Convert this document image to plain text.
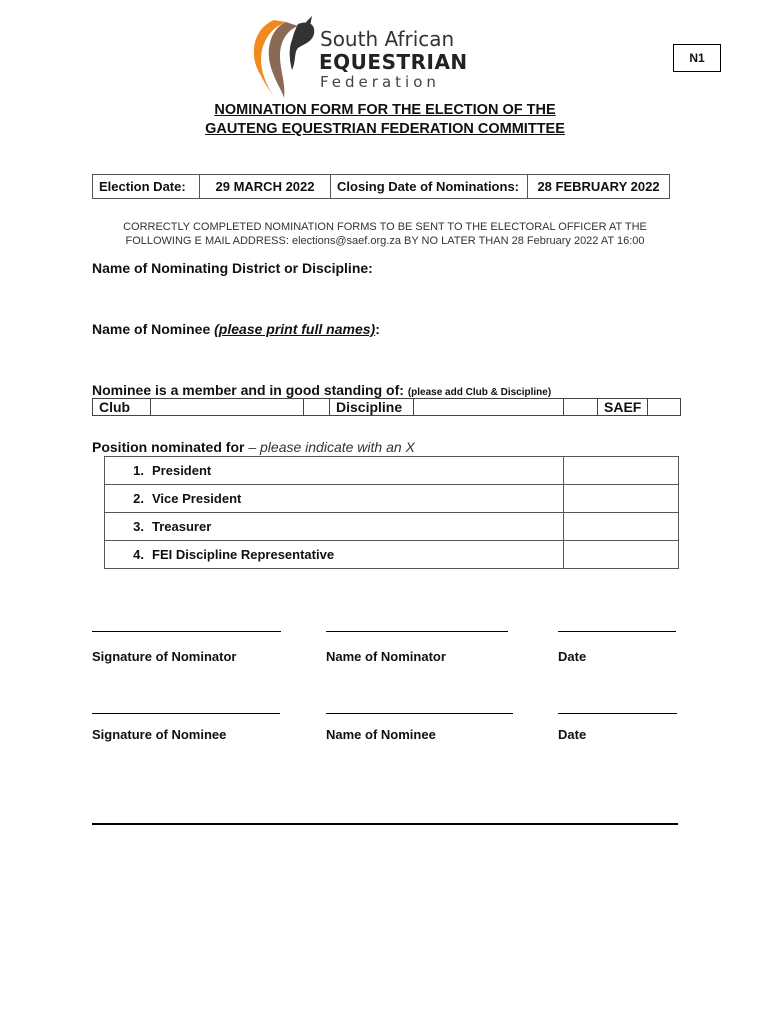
South African
EQUESTRIAN
Federation
N1
NOMINATION FORM FOR THE ELECTION OF THE
GAUTENG EQUESTRIAN FEDERATION COMMITTEE
Election Date:	29 MARCH 2022	Closing Date of Nominations:	28 FEBRUARY 2022
CORRECTLY COMPLETED NOMINATION FORMS TO BE SENT TO THE ELECTORAL OFFICER AT THE
FOLLOWING E MAIL ADDRESS: elections@saef.org.za BY NO LATER THAN 28 February 2022 AT 16:00
Name of Nominating District or Discipline:
Name of Nominee (please print full names):
Nominee is a member and in good standing of: (please add Club & Discipline)
Club			Discipline			SAEF	
Position nominated for – please indicate with an X
1. President	
2. Vice President	
3. Treasurer	
4. FEI Discipline Representative	
Signature of Nominator	Name of Nominator	Date
Signature of Nominee	Name of Nominee	Date
